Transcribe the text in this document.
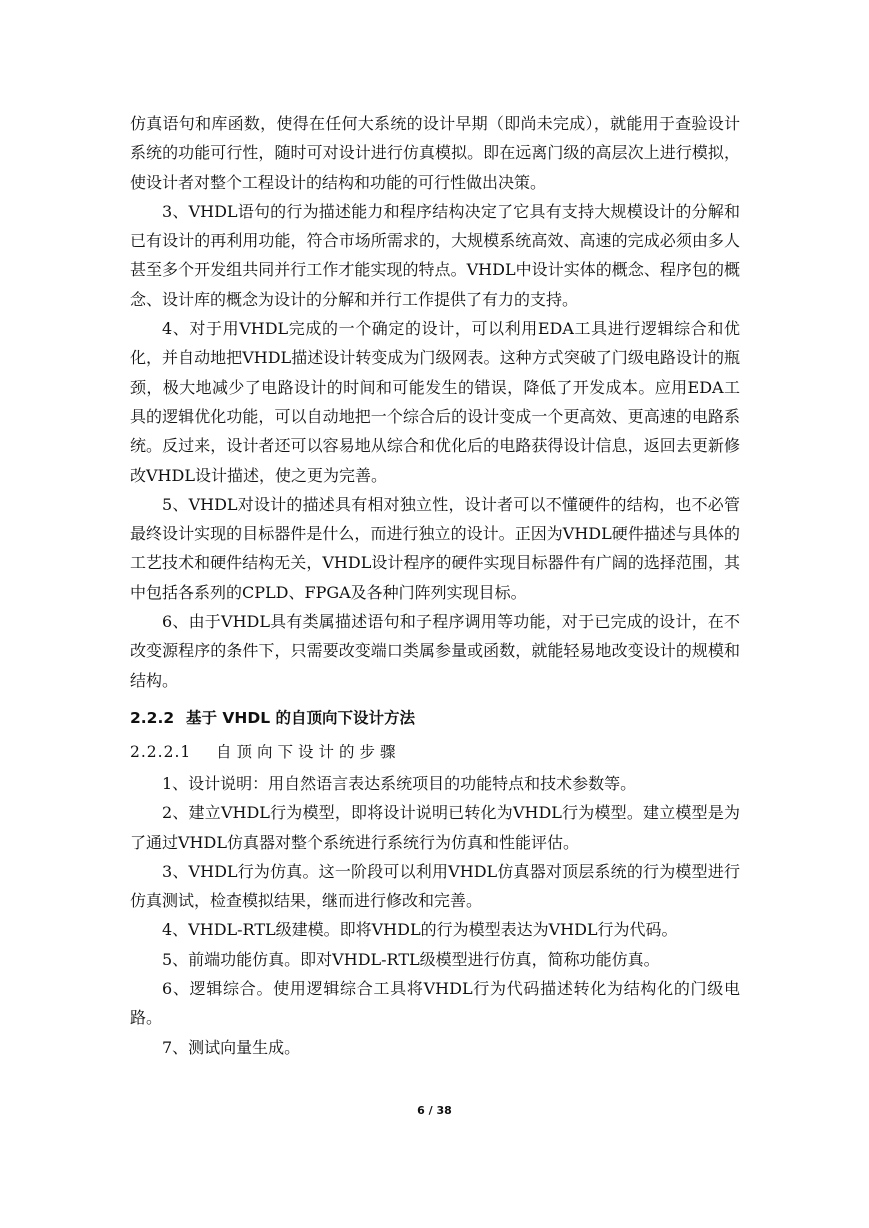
仿真语句和库函数，使得在任何大系统的设计早期（即尚未完成），就能用于查验设计系统的功能可行性，随时可对设计进行仿真模拟。即在远离门级的高层次上进行模拟，使设计者对整个工程设计的结构和功能的可行性做出决策。

3、VHDL语句的行为描述能力和程序结构决定了它具有支持大规模设计的分解和已有设计的再利用功能，符合市场所需求的，大规模系统高效、高速的完成必须由多人甚至多个开发组共同并行工作才能实现的特点。VHDL中设计实体的概念、程序包的概念、设计库的概念为设计的分解和并行工作提供了有力的支持。

4、对于用VHDL完成的一个确定的设计，可以利用EDA工具进行逻辑综合和优化，并自动地把VHDL描述设计转变成为门级网表。这种方式突破了门级电路设计的瓶颈，极大地减少了电路设计的时间和可能发生的错误，降低了开发成本。应用EDA工具的逻辑优化功能，可以自动地把一个综合后的设计变成一个更高效、更高速的电路系统。反过来，设计者还可以容易地从综合和优化后的电路获得设计信息，返回去更新修改VHDL设计描述，使之更为完善。

5、VHDL对设计的描述具有相对独立性，设计者可以不懂硬件的结构，也不必管最终设计实现的目标器件是什么，而进行独立的设计。正因为VHDL硬件描述与具体的工艺技术和硬件结构无关，VHDL设计程序的硬件实现目标器件有广阔的选择范围，其中包括各系列的CPLD、FPGA及各种门阵列实现目标。

6、由于VHDL具有类属描述语句和子程序调用等功能，对于已完成的设计，在不改变源程序的条件下，只需要改变端口类属参量或函数，就能轻易地改变设计的规模和结构。

2.2.2 基于 VHDL 的自顶向下设计方法
2.2.2.1 自顶向下设计的步骤

1、设计说明：用自然语言表达系统项目的功能特点和技术参数等。

2、建立VHDL行为模型，即将设计说明已转化为VHDL行为模型。建立模型是为了通过VHDL仿真器对整个系统进行系统行为仿真和性能评估。

3、VHDL行为仿真。这一阶段可以利用VHDL仿真器对顶层系统的行为模型进行仿真测试，检查模拟结果，继而进行修改和完善。

4、VHDL-RTL级建模。即将VHDL的行为模型表达为VHDL行为代码。

5、前端功能仿真。即对VHDL-RTL级模型进行仿真，简称功能仿真。

6、逻辑综合。使用逻辑综合工具将VHDL行为代码描述转化为结构化的门级电路。

7、测试向量生成。

6 / 38
